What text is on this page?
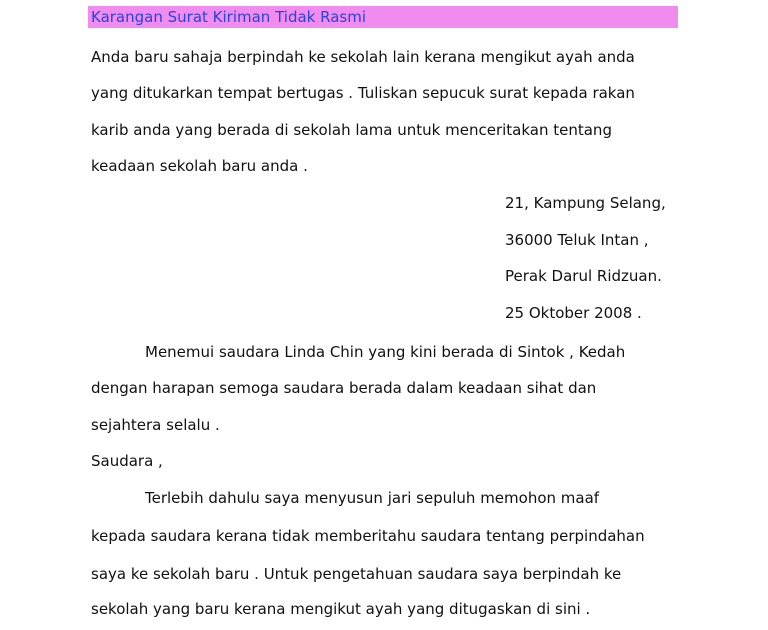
Karangan Surat Kiriman Tidak Rasmi
Anda baru sahaja berpindah ke sekolah lain kerana mengikut ayah anda
yang ditukarkan tempat bertugas . Tuliskan sepucuk surat kepada rakan
karib anda yang berada di sekolah lama untuk menceritakan tentang
keadaan sekolah baru anda .
21, Kampung Selang,
36000 Teluk Intan ,
Perak Darul Ridzuan.
25 Oktober 2008 .
Menemui saudara Linda Chin yang kini berada di Sintok , Kedah
dengan harapan semoga saudara berada dalam keadaan sihat dan
sejahtera selalu .
Saudara ,
Terlebih dahulu saya menyusun jari sepuluh memohon maaf
kepada saudara kerana tidak memberitahu saudara tentang perpindahan
saya ke sekolah baru . Untuk pengetahuan saudara saya berpindah ke
sekolah yang baru kerana mengikut ayah yang ditugaskan di sini .
